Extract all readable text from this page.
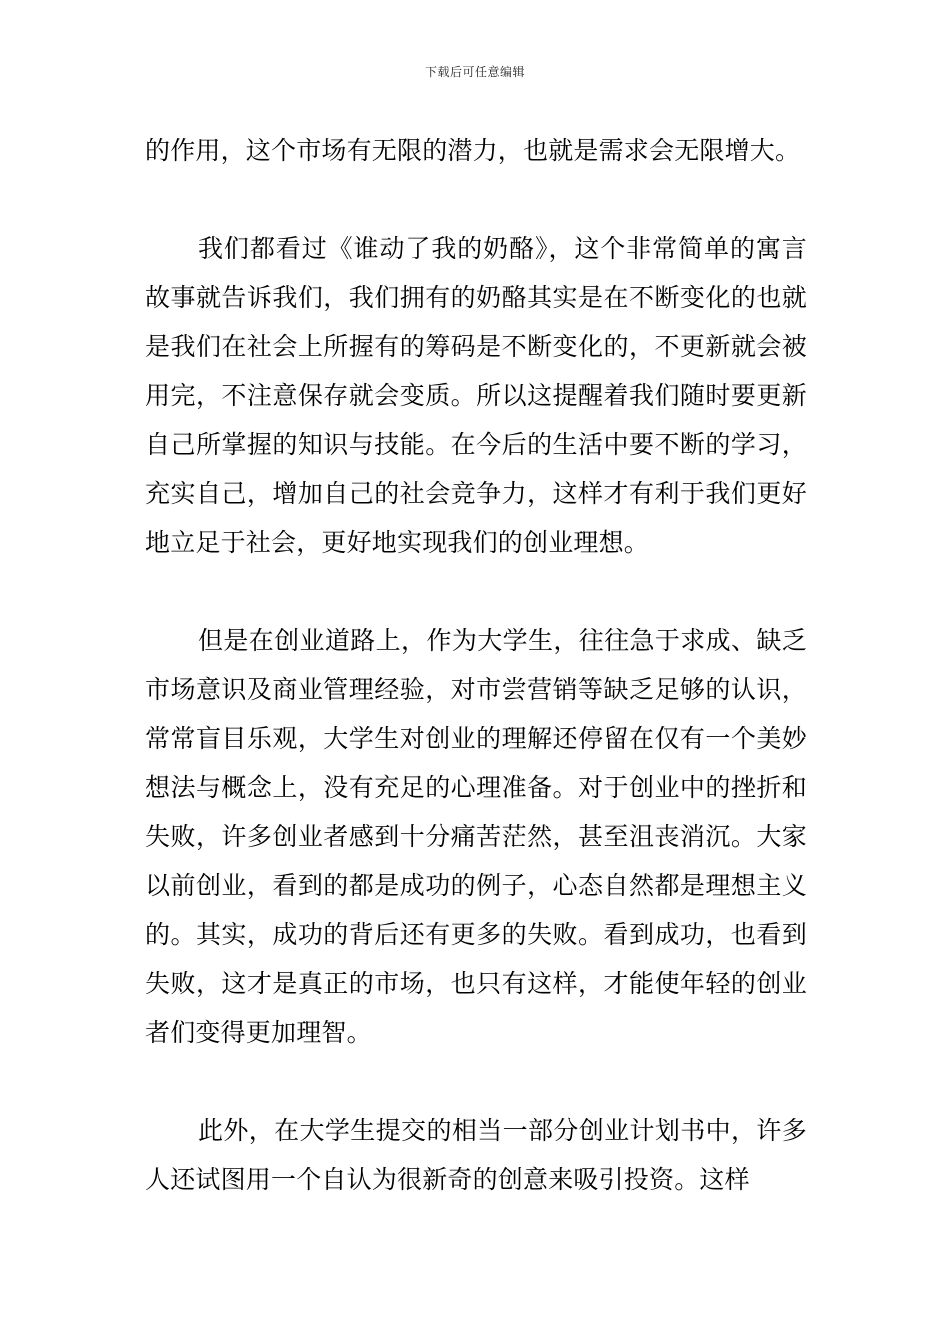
下载后可任意编辑

的作用，这个市场有无限的潜力，也就是需求会无限增大。

我们都看过《谁动了我的奶酪》，这个非常简单的寓言故事就告诉我们，我们拥有的奶酪其实是在不断变化的也就是我们在社会上所握有的筹码是不断变化的，不更新就会被用完，不注意保存就会变质。所以这提醒着我们随时要更新自己所掌握的知识与技能。在今后的生活中要不断的学习，充实自己，增加自己的社会竞争力，这样才有利于我们更好地立足于社会，更好地实现我们的创业理想。

但是在创业道路上，作为大学生，往往急于求成、缺乏市场意识及商业管理经验，对市尝营销等缺乏足够的认识，常常盲目乐观，大学生对创业的理解还停留在仅有一个美妙想法与概念上，没有充足的心理准备。对于创业中的挫折和失败，许多创业者感到十分痛苦茫然，甚至沮丧消沉。大家以前创业，看到的都是成功的例子，心态自然都是理想主义的。其实，成功的背后还有更多的失败。看到成功，也看到失败，这才是真正的市场，也只有这样，才能使年轻的创业者们变得更加理智。

此外，在大学生提交的相当一部分创业计划书中，许多人还试图用一个自认为很新奇的创意来吸引投资。这样
